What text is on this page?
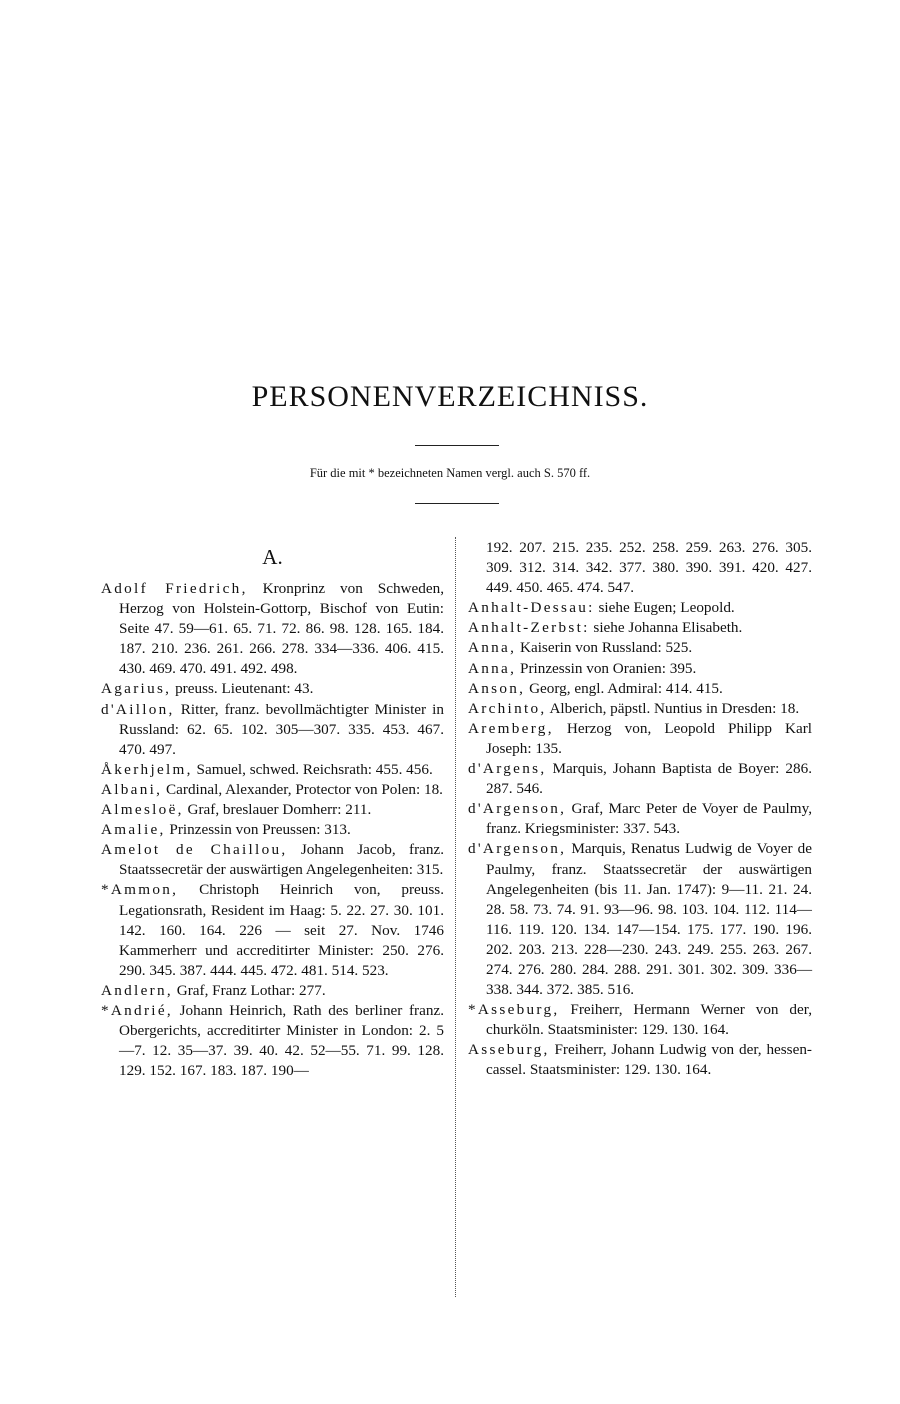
PERSONENVERZEICHNISS.
Für die mit * bezeichneten Namen vergl. auch S. 570 ff.
A.

Adolf Friedrich, Kronprinz von Schweden, Herzog von Holstein-Gottorp, Bischof von Eutin: Seite 47. 59—61. 65. 71. 72. 86. 98. 128. 165. 184. 187. 210. 236. 261. 266. 278. 334—336. 406. 415. 430. 469. 470. 491. 492. 498.

Agarius, preuss. Lieutenant: 43.

d'Aillon, Ritter, franz. bevollmächtigter Minister in Russland: 62. 65. 102. 305—307. 335. 453. 467. 470. 497.

Åkerhjelm, Samuel, schwed. Reichsrath: 455. 456.

Albani, Cardinal, Alexander, Protector von Polen: 18.

Almesloë, Graf, breslauer Domherr: 211.

Amalie, Prinzessin von Preussen: 313.

Amelot de Chaillou, Johann Jacob, franz. Staatssecretär der auswärtigen Angelegenheiten: 315.

*Ammon, Christoph Heinrich von, preuss. Legationsrath, Resident im Haag: 5. 22. 27. 30. 101. 142. 160. 164. 226 — seit 27. Nov. 1746 Kammerherr und accreditirter Minister: 250. 276. 290. 345. 387. 444. 445. 472. 481. 514. 523.

Andlern, Graf, Franz Lothar: 277.

*Andrié, Johann Heinrich, Rath des berliner franz. Obergerichts, accreditirter Minister in London: 2. 5—7. 12. 35—37. 39. 40. 42. 52—55. 71. 99. 128. 129. 152. 167. 183. 187. 190—

192. 207. 215. 235. 252. 258. 259. 263. 276. 305. 309. 312. 314. 342. 377. 380. 390. 391. 420. 427. 449. 450. 465. 474. 547.

Anhalt-Dessau: siehe Eugen; Leopold.

Anhalt-Zerbst: siehe Johanna Elisabeth.

Anna, Kaiserin von Russland: 525.

Anna, Prinzessin von Oranien: 395.

Anson, Georg, engl. Admiral: 414. 415.

Archinto, Alberich, päpstl. Nuntius in Dresden: 18.

Aremberg, Herzog von, Leopold Philipp Karl Joseph: 135.

d'Argens, Marquis, Johann Baptista de Boyer: 286. 287. 546.

d'Argenson, Graf, Marc Peter de Voyer de Paulmy, franz. Kriegsminister: 337. 543.

d'Argenson, Marquis, Renatus Ludwig de Voyer de Paulmy, franz. Staatssecretär der auswärtigen Angelegenheiten (bis 11. Jan. 1747): 9—11. 21. 24. 28. 58. 73. 74. 91. 93—96. 98. 103. 104. 112. 114—116. 119. 120. 134. 147—154. 175. 177. 190. 196. 202. 203. 213. 228—230. 243. 249. 255. 263. 267. 274. 276. 280. 284. 288. 291. 301. 302. 309. 336—338. 344. 372. 385. 516.

*Asseburg, Freiherr, Hermann Werner von der, churköln. Staatsminister: 129. 130. 164.

Asseburg, Freiherr, Johann Ludwig von der, hessen-cassel. Staatsminister: 129. 130. 164.
